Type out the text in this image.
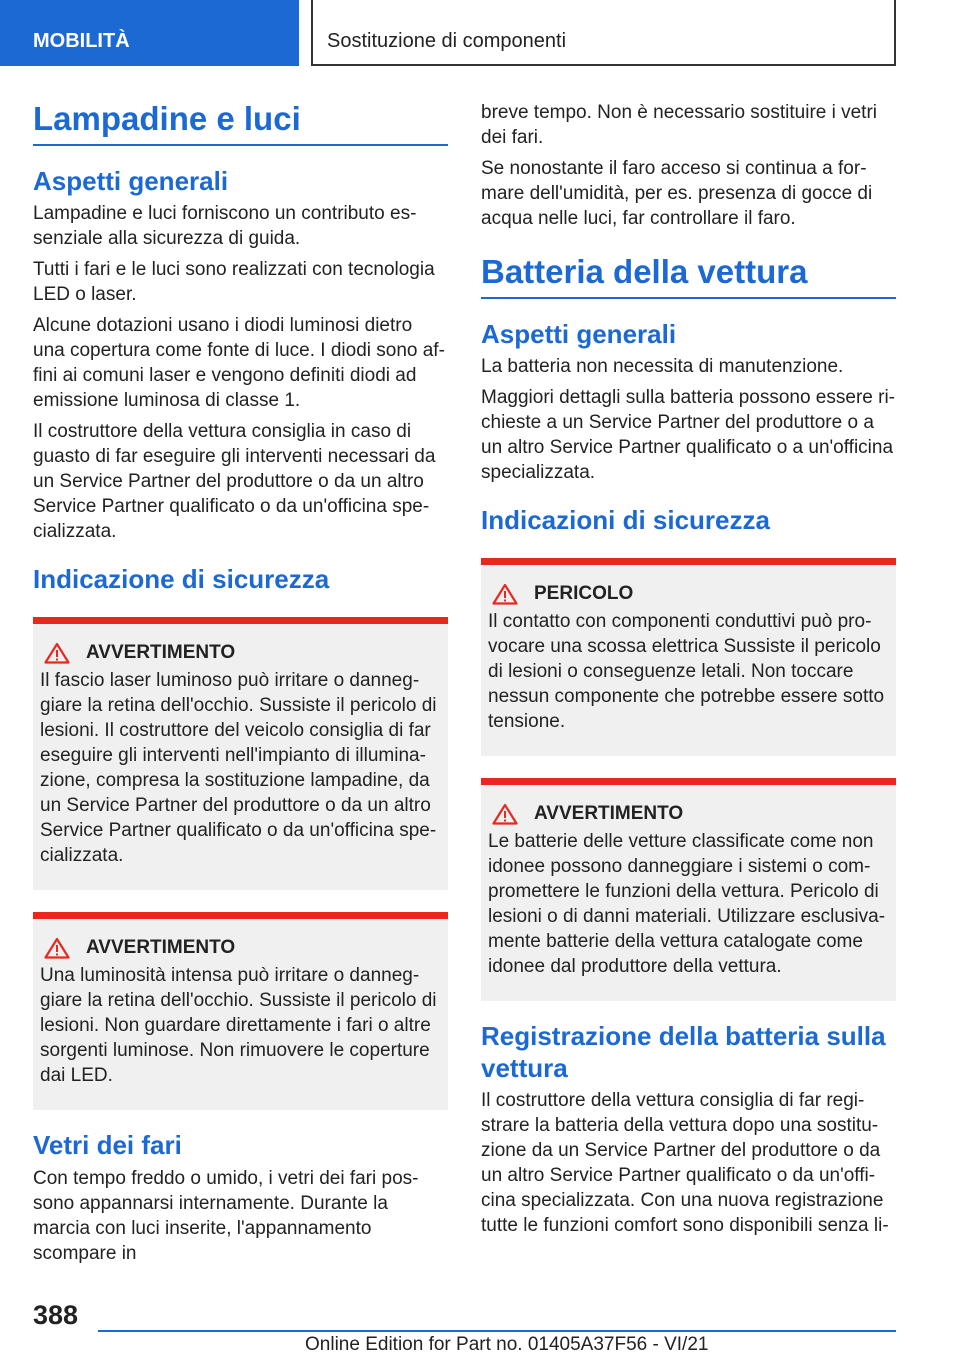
MOBILITÀ	Sostituzione di componenti
Lampadine e luci
Aspetti generali

Lampadine e luci forniscono un contributo essenziale alla sicurezza di guida.

Tutti i fari e le luci sono realizzati con tecnologia LED o laser.

Alcune dotazioni usano i diodi luminosi dietro una copertura come fonte di luce. I diodi sono affini ai comuni laser e vengono definiti diodi ad emissione luminosa di classe 1.

Il costruttore della vettura consiglia in caso di guasto di far eseguire gli interventi necessari da un Service Partner del produttore o da un altro Service Partner qualificato o da un'officina specializzata.

Indicazione di sicurezza
AVVERTIMENTO

Il fascio laser luminoso può irritare o danneggiare la retina dell'occhio. Sussiste il pericolo di lesioni. Il costruttore del veicolo consiglia di far eseguire gli interventi nell'impianto di illuminazione, compresa la sostituzione lampadine, da un Service Partner del produttore o da un altro Service Partner qualificato o da un'officina specializzata.

AVVERTIMENTO

Una luminosità intensa può irritare o danneggiare la retina dell'occhio. Sussiste il pericolo di lesioni. Non guardare direttamente i fari o altre sorgenti luminose. Non rimuovere le coperture dai LED.

Vetri dei fari

Con tempo freddo o umido, i vetri dei fari possono appannarsi internamente. Durante la marcia con luci inserite, l'appannamento scompare in

breve tempo. Non è necessario sostituire i vetri dei fari.

Se nonostante il faro acceso si continua a formare dell'umidità, per es. presenza di gocce di acqua nelle luci, far controllare il faro.

Batteria della vettura
Aspetti generali

La batteria non necessita di manutenzione.

Maggiori dettagli sulla batteria possono essere richieste a un Service Partner del produttore o a un altro Service Partner qualificato o a un'officina specializzata.

Indicazioni di sicurezza
PERICOLO

Il contatto con componenti conduttivi può provocare una scossa elettrica Sussiste il pericolo di lesioni o conseguenze letali. Non toccare nessun componente che potrebbe essere sotto tensione.

AVVERTIMENTO

Le batterie delle vetture classificate come non idonee possono danneggiare i sistemi o compromettere le funzioni della vettura. Pericolo di lesioni o di danni materiali. Utilizzare esclusivamente batterie della vettura catalogate come idonee dal produttore della vettura.

Registrazione della batteria sulla vettura

Il costruttore della vettura consiglia di far registrare la batteria della vettura dopo una sostituzione da un Service Partner del produttore o da un altro Service Partner qualificato o da un'officina specializzata. Con una nuova registrazione tutte le funzioni comfort sono disponibili senza li-

388
Online Edition for Part no. 01405A37F56 - VI/21
